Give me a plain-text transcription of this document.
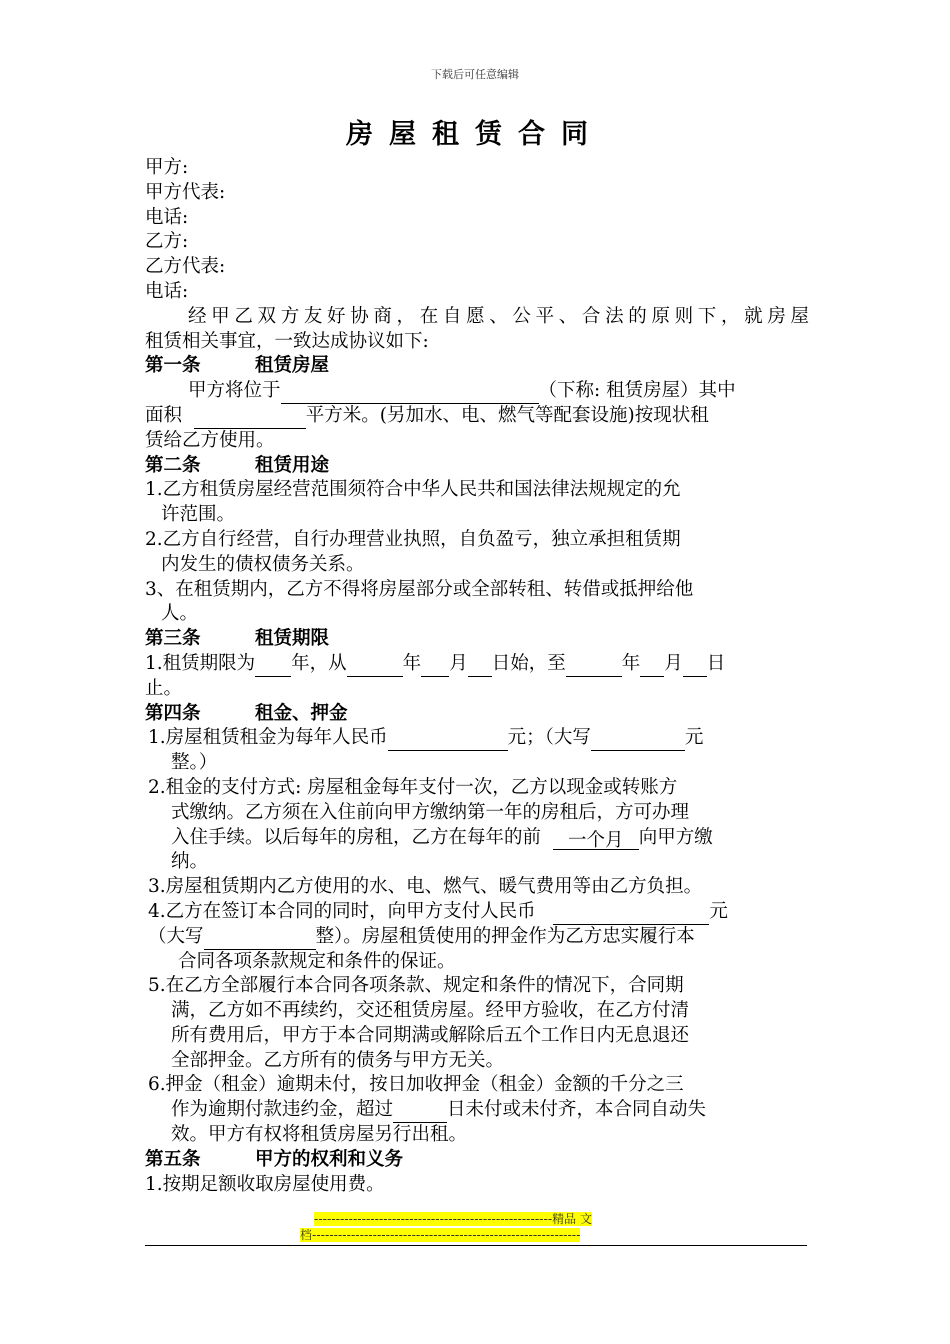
下载后可任意编辑
房屋租赁合同
甲方:
甲方代表:
电话:
乙方:
乙方代表:
电话:
经甲乙双方友好协商，在自愿、公平、合法的原则下，就房屋
租赁相关事宜，一致达成协议如下:
第一条	租赁房屋
甲方将位于	（下称: 租赁房屋）其中
面积	平方米。(另加水、电、燃气等配套设施)按现状租
赁给乙方使用。
第二条	租赁用途
1.乙方租赁房屋经营范围须符合中华人民共和国法律法规规定的允
许范围。
2.乙方自行经营，自行办理营业执照，自负盈亏，独立承担租赁期
内发生的债权债务关系。
3、在租赁期内，乙方不得将房屋部分或全部转租、转借或抵押给他
人。
第三条	租赁期限
1.租赁期限为 年，从	年 月 日始，至	年 月 日
止。
第四条	租金、押金
1.房屋租赁租金为每年人民币	元；（大写	元
整。）
2.租金的支付方式: 房屋租金每年支付一次，乙方以现金或转账方
式缴纳。乙方须在入住前向甲方缴纳第一年的房租后，方可办理
入住手续。以后每年的房租，乙方在每年的前 一个月 向甲方缴
纳。
3.房屋租赁期内乙方使用的水、电、燃气、暖气费用等由乙方负担。
4.乙方在签订本合同的同时，向甲方支付人民币	元
（大写	整）。房屋租赁使用的押金作为乙方忠实履行本
合同各项条款规定和条件的保证。
5.在乙方全部履行本合同各项条款、规定和条件的情况下，合同期
满，乙方如不再续约，交还租赁房屋。经甲方验收，在乙方付清
所有费用后，甲方于本合同期满或解除后五个工作日内无息退还
全部押金。乙方所有的债务与甲方无关。
6.押金（租金）逾期未付，按日加收押金（租金）金额的千分之三
作为逾期付款违约金，超过	日未付或未付齐，本合同自动失
效。甲方有权将租赁房屋另行出租。
第五条	甲方的权利和义务
1.按期足额收取房屋使用费。
-------------------------------------------------------精品 文
档--------------------------------------------------------------
